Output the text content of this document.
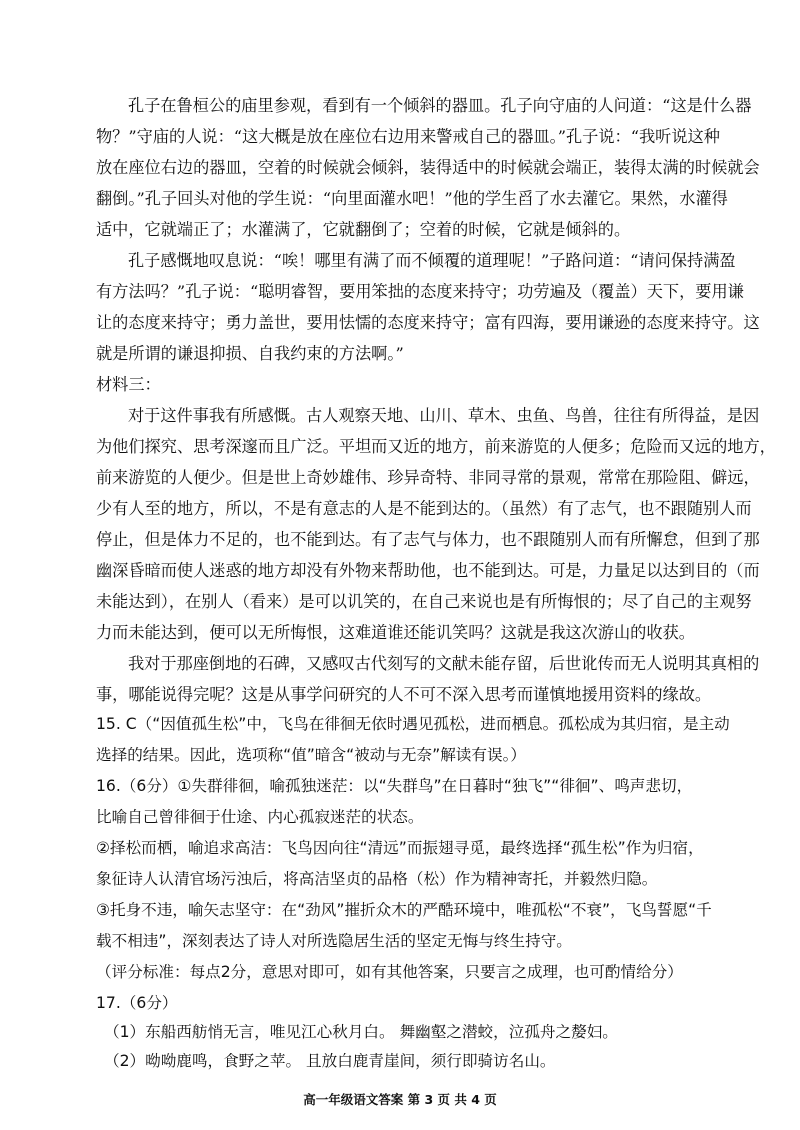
孔子在鲁桓公的庙里参观，看到有一个倾斜的器皿。孔子向守庙的人问道：“这是什么器
物？”守庙的人说：“这大概是放在座位右边用来警戒自己的器皿。”孔子说：“我听说这种
放在座位右边的器皿，空着的时候就会倾斜，装得适中的时候就会端正，装得太满的时候就会
翻倒。”孔子回头对他的学生说：“向里面灌水吧！”他的学生舀了水去灌它。果然，水灌得
适中，它就端正了；水灌满了，它就翻倒了；空着的时候，它就是倾斜的。
孔子感慨地叹息说：“唉！哪里有满了而不倾覆的道理呢！”子路问道：“请问保持满盈
有方法吗？”孔子说：“聪明睿智，要用笨拙的态度来持守；功劳遍及（覆盖）天下，要用谦
让的态度来持守；勇力盖世，要用怯懦的态度来持守；富有四海，要用谦逊的态度来持守。这
就是所谓的谦退抑损、自我约束的方法啊。”
材料三：
对于这件事我有所感慨。古人观察天地、山川、草木、虫鱼、鸟兽，往往有所得益，是因
为他们探究、思考深邃而且广泛。平坦而又近的地方，前来游览的人便多；危险而又远的地方，
前来游览的人便少。但是世上奇妙雄伟、珍异奇特、非同寻常的景观，常常在那险阻、僻远，
少有人至的地方，所以，不是有意志的人是不能到达的。（虽然）有了志气，也不跟随别人而
停止，但是体力不足的，也不能到达。有了志气与体力，也不跟随别人而有所懈怠，但到了那
幽深昏暗而使人迷惑的地方却没有外物来帮助他，也不能到达。可是，力量足以达到目的（而
未能达到），在别人（看来）是可以讥笑的，在自己来说也是有所悔恨的；尽了自己的主观努
力而未能达到，便可以无所悔恨，这难道谁还能讥笑吗？这就是我这次游山的收获。
我对于那座倒地的石碑，又感叹古代刻写的文献未能存留，后世讹传而无人说明其真相的
事，哪能说得完呢？这是从事学问研究的人不可不深入思考而谨慎地援用资料的缘故。
15. C（“因值孤生松”中，飞鸟在徘徊无依时遇见孤松，进而栖息。孤松成为其归宿，是主动
选择的结果。因此，选项称“值”暗含“被动与无奈”解读有误。）
16.（6分）①失群徘徊，喻孤独迷茫：以“失群鸟”在日暮时“独飞”“徘徊”、鸣声悲切，
比喻自己曾徘徊于仕途、内心孤寂迷茫的状态。
②择松而栖，喻追求高洁：飞鸟因向往“清远”而振翅寻觅，最终选择“孤生松”作为归宿，
象征诗人认清官场污浊后，将高洁坚贞的品格（松）作为精神寄托，并毅然归隐。
③托身不违，喻矢志坚守：在“劲风”摧折众木的严酷环境中，唯孤松“不衰”，飞鸟誓愿“千
载不相违”，深刻表达了诗人对所选隐居生活的坚定无悔与终生持守。
（评分标准：每点2分，意思对即可，如有其他答案，只要言之成理，也可酌情给分）
17.（6分）
（1）东船西舫悄无言，唯见江心秋月白。 舞幽壑之潜蛟，泣孤舟之嫠妇。
（2）呦呦鹿鸣，食野之苹。 且放白鹿青崖间，须行即骑访名山。
高一年级语文答案 第 3 页 共 4 页
